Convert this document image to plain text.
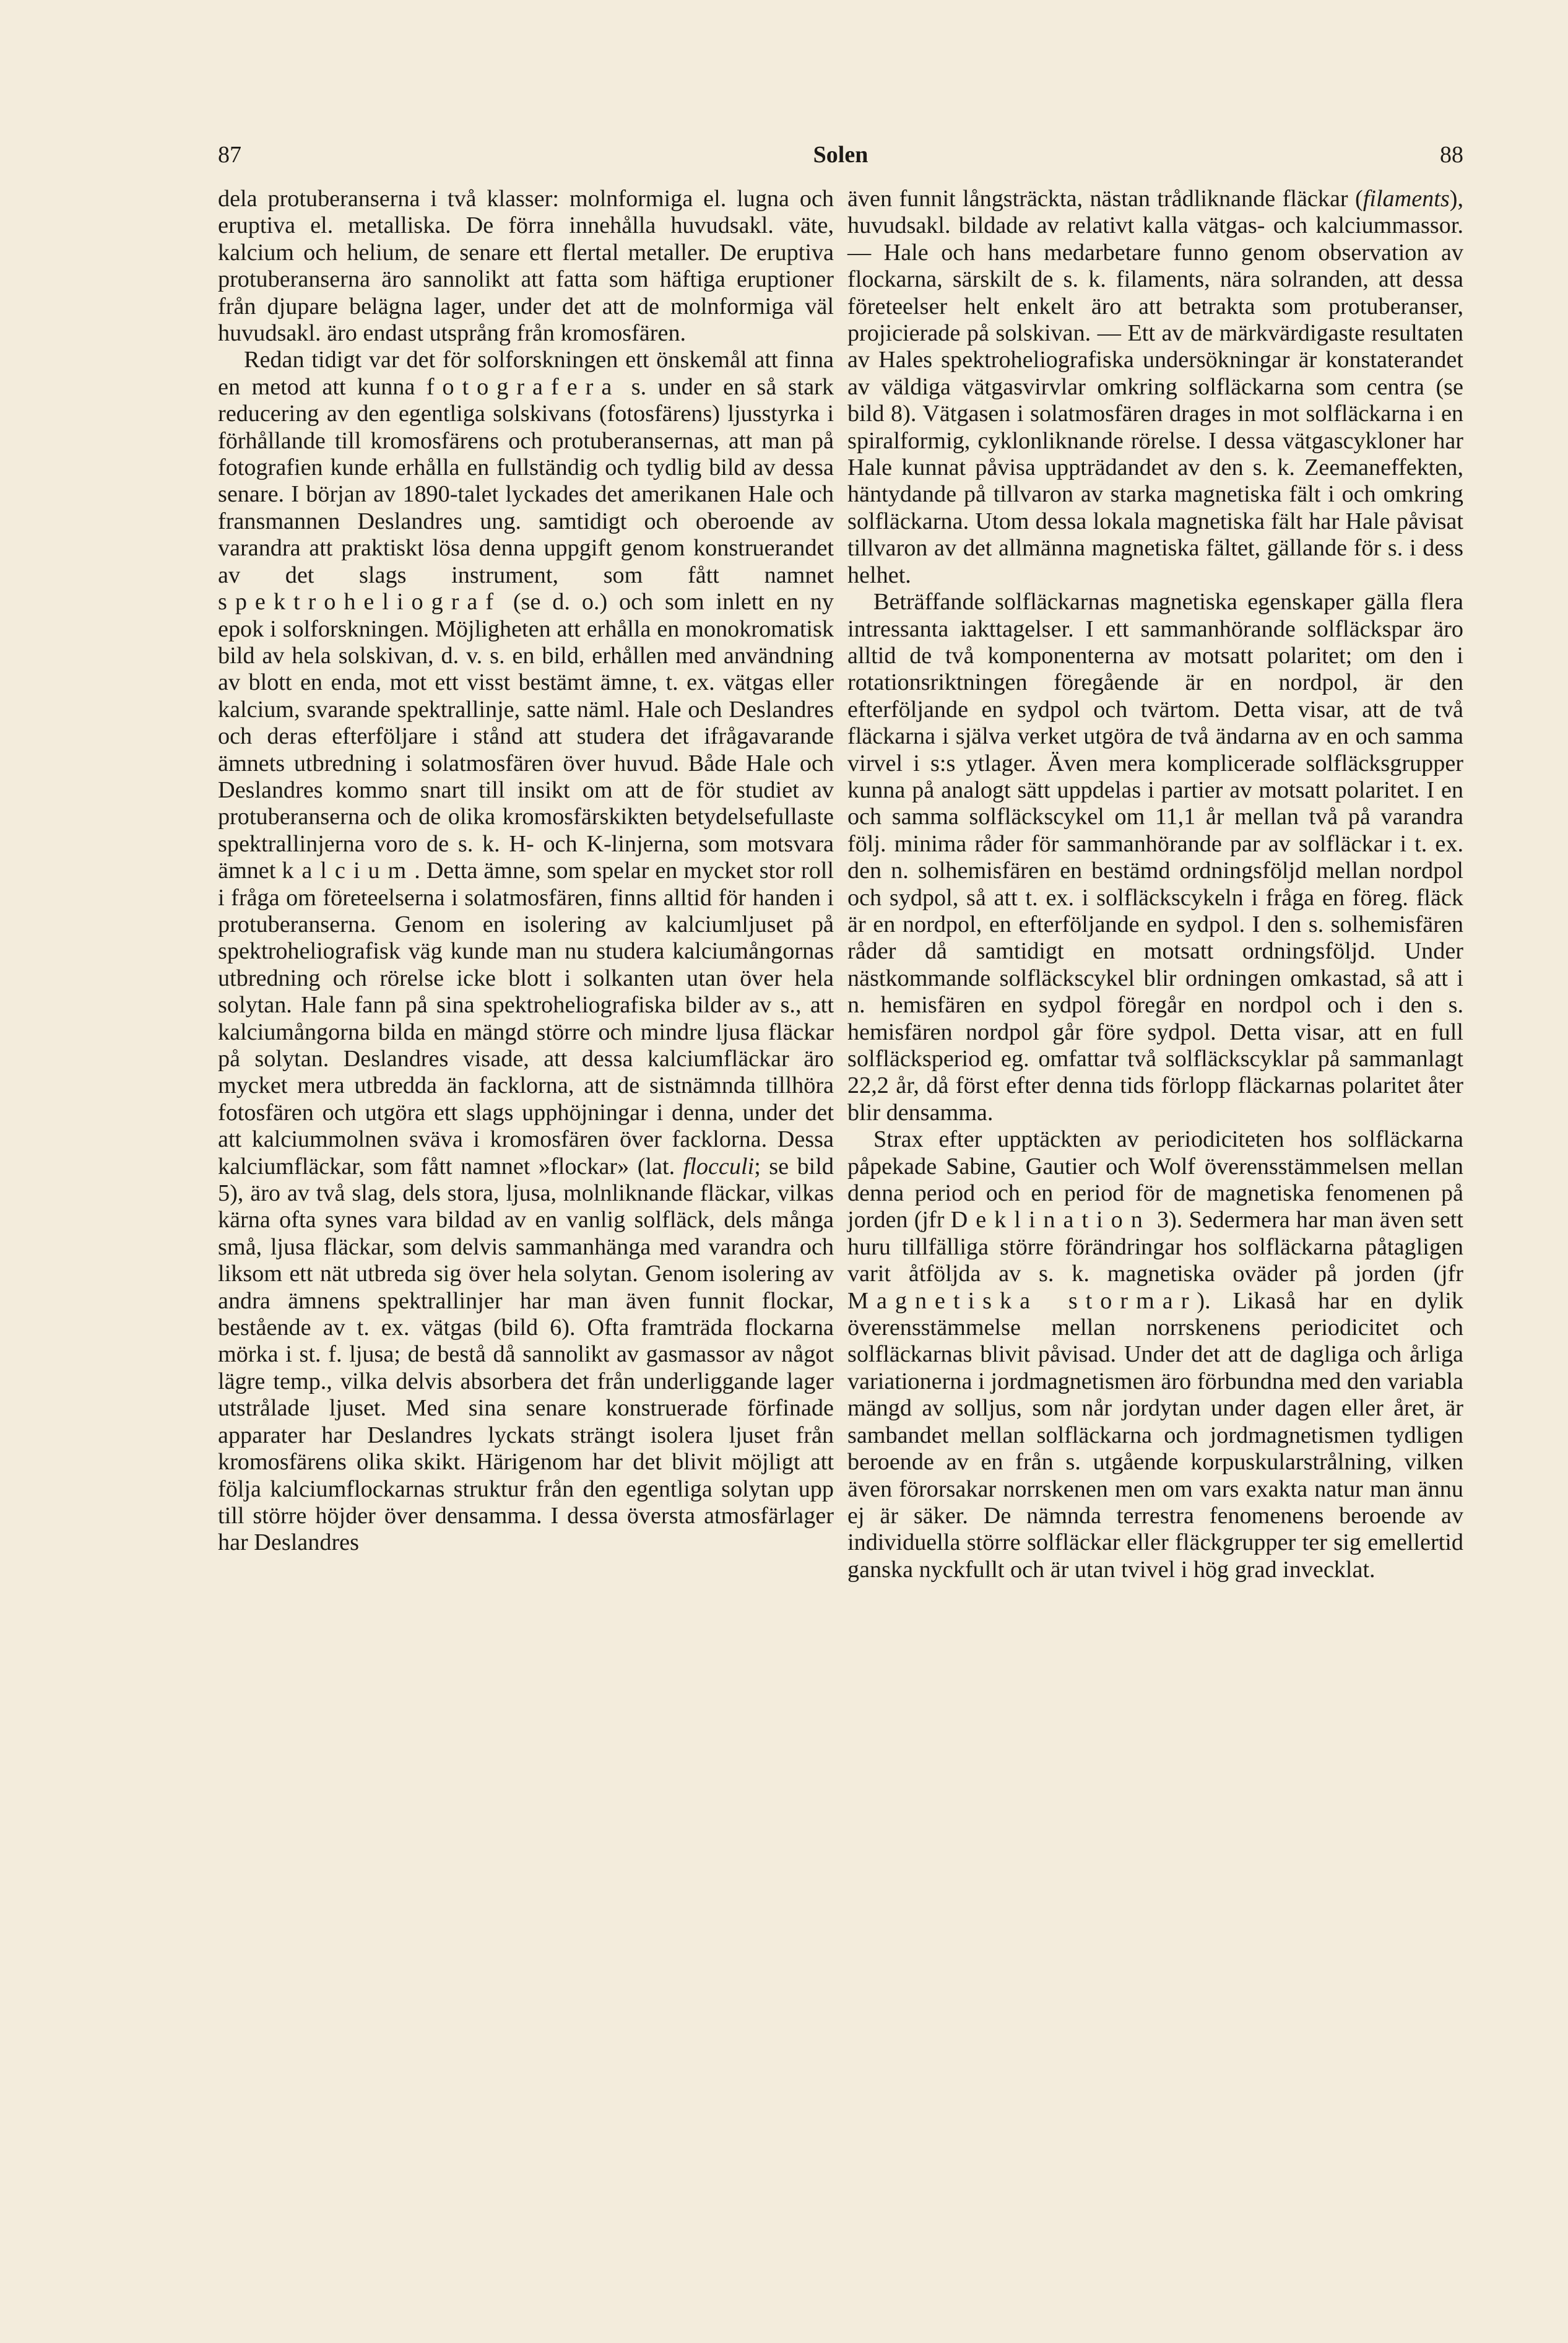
87	Solen	88

dela protuberanserna i två klasser: molnformiga el. lugna och eruptiva el. metalliska. De förra innehålla huvudsakl. väte, kalcium och helium, de senare ett flertal metaller. De eruptiva protuberanserna äro sannolikt att fatta som häftiga eruptioner från djupare belägna lager, under det att de molnformiga väl huvudsakl. äro endast utsprång från kromosfären.

Redan tidigt var det för solforskningen ett önskemål att finna en metod att kunna fotografera s. under en så stark reducering av den egentliga solskivans (fotosfärens) ljusstyrka i förhållande till kromosfärens och protuberansernas, att man på fotografien kunde erhålla en fullständig och tydlig bild av dessa senare. I början av 1890-talet lyckades det amerikanen Hale och fransmannen Deslandres ung. samtidigt och oberoende av varandra att praktiskt lösa denna uppgift genom konstruerandet av det slags instrument, som fått namnet spektroheliograf (se d. o.) och som inlett en ny epok i solforskningen. Möjligheten att erhålla en monokromatisk bild av hela solskivan, d. v. s. en bild, erhållen med användning av blott en enda, mot ett visst bestämt ämne, t. ex. vätgas eller kalcium, svarande spektrallinje, satte näml. Hale och Deslandres och deras efterföljare i stånd att studera det ifrågavarande ämnets utbredning i solatmosfären över huvud. Både Hale och Deslandres kommo snart till insikt om att de för studiet av protuberanserna och de olika kromosfärskikten betydelsefullaste spektrallinjerna voro de s. k. H- och K-linjerna, som motsvara ämnet kalcium. Detta ämne, som spelar en mycket stor roll i fråga om företeelserna i solatmosfären, finns alltid för handen i protuberanserna. Genom en isolering av kalciumljuset på spektroheliografisk väg kunde man nu studera kalciumångornas utbredning och rörelse icke blott i solkanten utan över hela solytan. Hale fann på sina spektroheliografiska bilder av s., att kalciumångorna bilda en mängd större och mindre ljusa fläckar på solytan. Deslandres visade, att dessa kalciumfläckar äro mycket mera utbredda än facklorna, att de sistnämnda tillhöra fotosfären och utgöra ett slags upphöjningar i denna, under det att kalciummolnen sväva i kromosfären över facklorna. Dessa kalciumfläckar, som fått namnet »flockar» (lat. flocculi; se bild 5), äro av två slag, dels stora, ljusa, molnliknande fläckar, vilkas kärna ofta synes vara bildad av en vanlig solfläck, dels många små, ljusa fläckar, som delvis sammanhänga med varandra och liksom ett nät utbreda sig över hela solytan. Genom isolering av andra ämnens spektrallinjer har man även funnit flockar, bestående av t. ex. vätgas (bild 6). Ofta framträda flockarna mörka i st. f. ljusa; de bestå då sannolikt av gasmassor av något lägre temp., vilka delvis absorbera det från underliggande lager utstrålade ljuset. Med sina senare konstruerade förfinade apparater har Deslandres lyckats strängt isolera ljuset från kromosfärens olika skikt. Härigenom har det blivit möjligt att följa kalciumflockarnas struktur från den egentliga solytan upp till större höjder över densamma. I dessa översta atmosfärlager har Deslandres

även funnit långsträckta, nästan trådliknande fläckar (filaments), huvudsakl. bildade av relativt kalla vätgas- och kalciummassor. — Hale och hans medarbetare funno genom observation av flockarna, särskilt de s. k. filaments, nära solranden, att dessa företeelser helt enkelt äro att betrakta som protuberanser, projicierade på solskivan. — Ett av de märkvärdigaste resultaten av Hales spektroheliografiska undersökningar är konstaterandet av väldiga vätgasvirvlar omkring solfläckarna som centra (se bild 8). Vätgasen i solatmosfären drages in mot solfläckarna i en spiralformig, cyklonliknande rörelse. I dessa vätgascykloner har Hale kunnat påvisa uppträdandet av den s. k. Zeemaneffekten, häntydande på tillvaron av starka magnetiska fält i och omkring solfläckarna. Utom dessa lokala magnetiska fält har Hale påvisat tillvaron av det allmänna magnetiska fältet, gällande för s. i dess helhet.

Beträffande solfläckarnas magnetiska egenskaper gälla flera intressanta iakttagelser. I ett sammanhörande solfläckspar äro alltid de två komponenterna av motsatt polaritet; om den i rotationsriktningen föregående är en nordpol, är den efterföljande en sydpol och tvärtom. Detta visar, att de två fläckarna i själva verket utgöra de två ändarna av en och samma virvel i s:s ytlager. Även mera komplicerade solfläcksgrupper kunna på analogt sätt uppdelas i partier av motsatt polaritet. I en och samma solfläckscykel om 11,1 år mellan två på varandra följ. minima råder för sammanhörande par av solfläckar i t. ex. den n. solhemisfären en bestämd ordningsföljd mellan nordpol och sydpol, så att t. ex. i solfläckscykeln i fråga en föreg. fläck är en nordpol, en efterföljande en sydpol. I den s. solhemisfären råder då samtidigt en motsatt ordningsföljd. Under nästkommande solfläckscykel blir ordningen omkastad, så att i n. hemisfären en sydpol föregår en nordpol och i den s. hemisfären nordpol går före sydpol. Detta visar, att en full solfläcksperiod eg. omfattar två solfläckscyklar på sammanlagt 22,2 år, då först efter denna tids förlopp fläckarnas polaritet åter blir densamma.

Strax efter upptäckten av periodiciteten hos solfläckarna påpekade Sabine, Gautier och Wolf överensstämmelsen mellan denna period och en period för de magnetiska fenomenen på jorden (jfr Deklination 3). Sedermera har man även sett huru tillfälliga större förändringar hos solfläckarna påtagligen varit åtföljda av s. k. magnetiska oväder på jorden (jfr Magnetiska stormar). Likaså har en dylik överensstämmelse mellan norrskenens periodicitet och solfläckarnas blivit påvisad. Under det att de dagliga och årliga variationerna i jordmagnetismen äro förbundna med den variabla mängd av solljus, som når jordytan under dagen eller året, är sambandet mellan solfläckarna och jordmagnetismen tydligen beroende av en från s. utgående korpuskularstrålning, vilken även förorsakar norrskenen men om vars exakta natur man ännu ej är säker. De nämnda terrestra fenomenens beroende av individuella större solfläckar eller fläckgrupper ter sig emellertid ganska nyckfullt och är utan tvivel i hög grad invecklat.
